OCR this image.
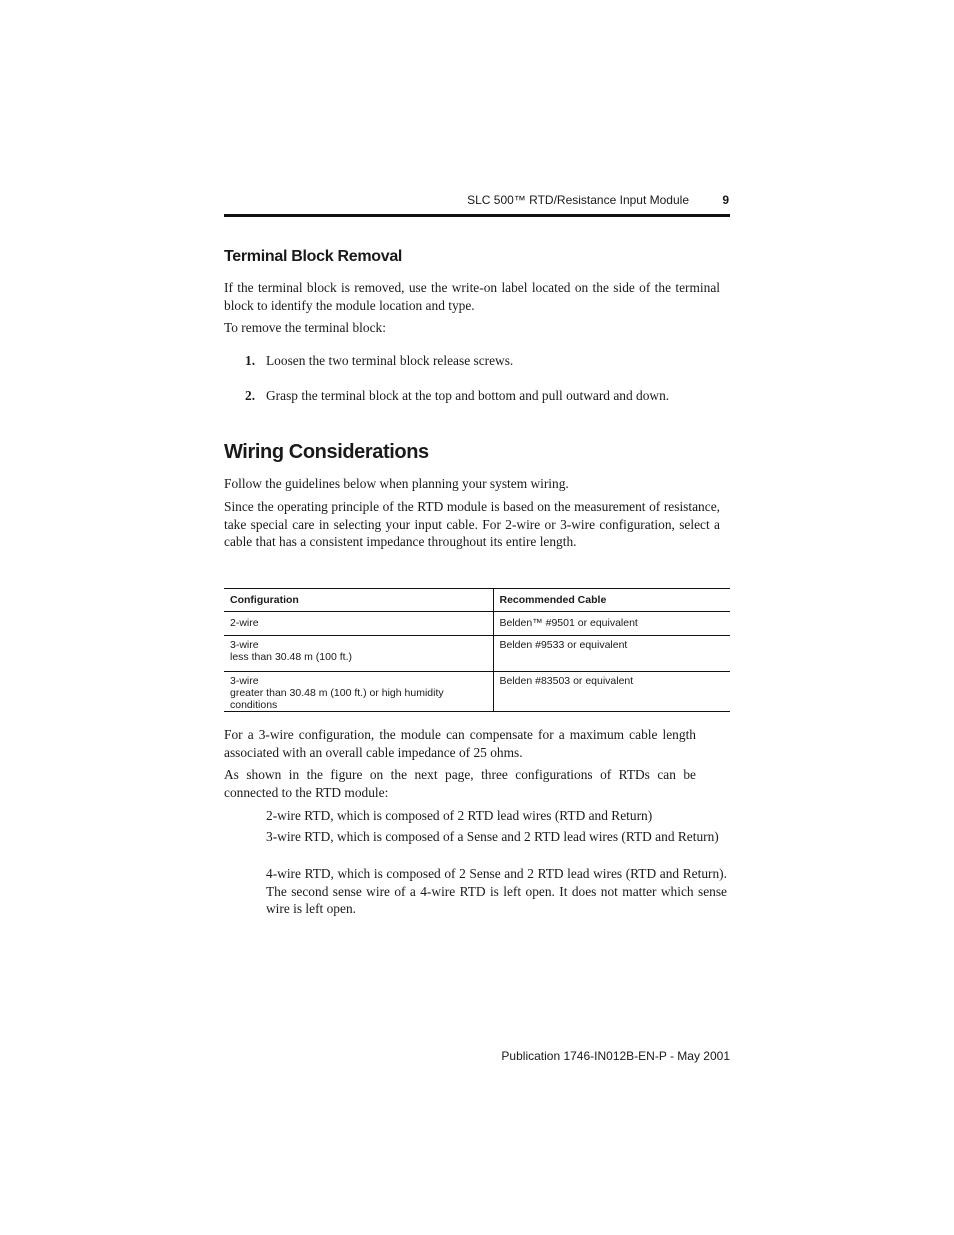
SLC 500™ RTD/Resistance Input Module	9
Terminal Block Removal
If the terminal block is removed, use the write-on label located on the side of the terminal block to identify the module location and type.
To remove the terminal block:
1. Loosen the two terminal block release screws.
2. Grasp the terminal block at the top and bottom and pull outward and down.
Wiring Considerations
Follow the guidelines below when planning your system wiring.
Since the operating principle of the RTD module is based on the measurement of resistance, take special care in selecting your input cable. For 2-wire or 3-wire configuration, select a cable that has a consistent impedance throughout its entire length.
Configuration	Recommended Cable

2-wire	Belden™ #9501 or equivalent

3-wire
less than 30.48 m (100 ft.)	Belden #9533 or equivalent

3-wire
greater than 30.48 m (100 ft.) or high humidity conditions	Belden #83503 or equivalent
For a 3-wire configuration, the module can compensate for a maximum cable length associated with an overall cable impedance of 25 ohms.
As shown in the figure on the next page, three configurations of RTDs can be connected to the RTD module:
2-wire RTD, which is composed of 2 RTD lead wires (RTD and Return)
3-wire RTD, which is composed of a Sense and 2 RTD lead wires (RTD and Return)
4-wire RTD, which is composed of 2 Sense and 2 RTD lead wires (RTD and Return). The second sense wire of a 4-wire RTD is left open. It does not matter which sense wire is left open.
Publication 1746-IN012B-EN-P - May 2001
